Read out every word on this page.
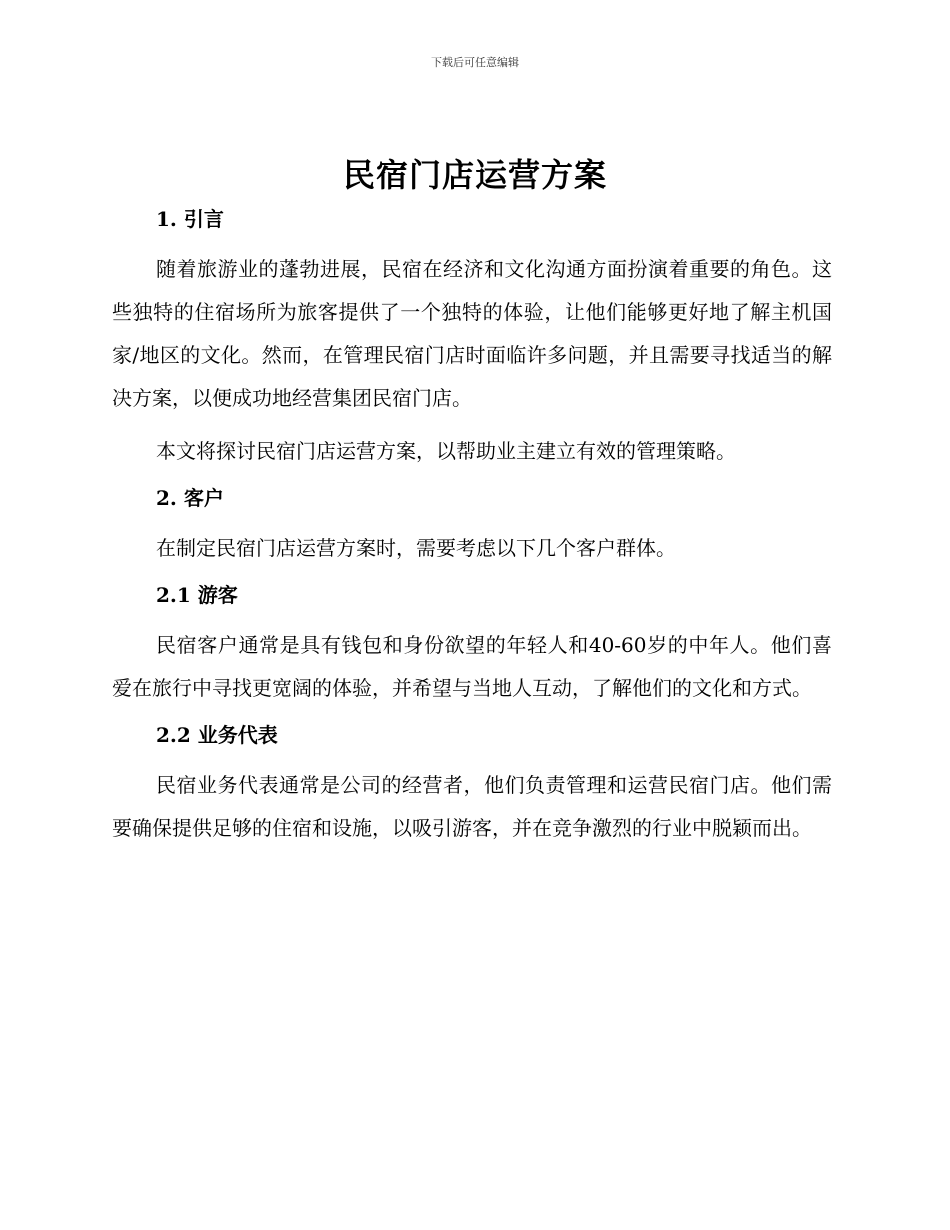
下载后可任意编辑
民宿门店运营方案
1. 引言

随着旅游业的蓬勃进展，民宿在经济和文化沟通方面扮演着重要的角色。这些独特的住宿场所为旅客提供了一个独特的体验，让他们能够更好地了解主机国家/地区的文化。然而，在管理民宿门店时面临许多问题，并且需要寻找适当的解决方案，以便成功地经营集团民宿门店。

本文将探讨民宿门店运营方案，以帮助业主建立有效的管理策略。

2. 客户

在制定民宿门店运营方案时，需要考虑以下几个客户群体。

2.1 游客

民宿客户通常是具有钱包和身份欲望的年轻人和40-60岁的中年人。他们喜爱在旅行中寻找更宽阔的体验，并希望与当地人互动，了解他们的文化和方式。

2.2 业务代表

民宿业务代表通常是公司的经营者，他们负责管理和运营民宿门店。他们需要确保提供足够的住宿和设施，以吸引游客，并在竞争激烈的行业中脱颖而出。
